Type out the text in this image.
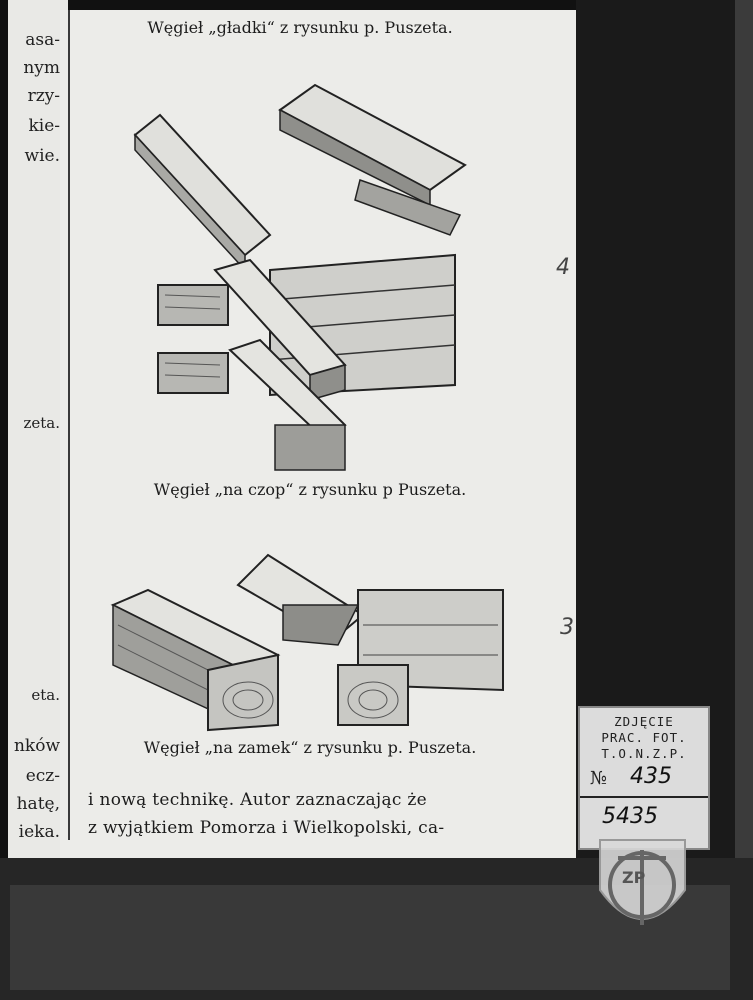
asa-
nym
rzy-
kie-
wie.
zeta.
eta.
nków
ecz-
hatę,
ieka.
Węgieł „gładki“ z rysunku p. Puszeta.
Węgieł „na czop“ z rysunku p Puszeta.
Węgieł „na zamek“ z rysunku p. Puszeta.
i nową technikę. Autor zaznaczając że
z wyjątkiem Pomorza i Wielkopolski, ca-
4
3
ZDJĘCIE
PRAC. FOT.
T.O.N.Z.P.
№ 435
5435
ZP
